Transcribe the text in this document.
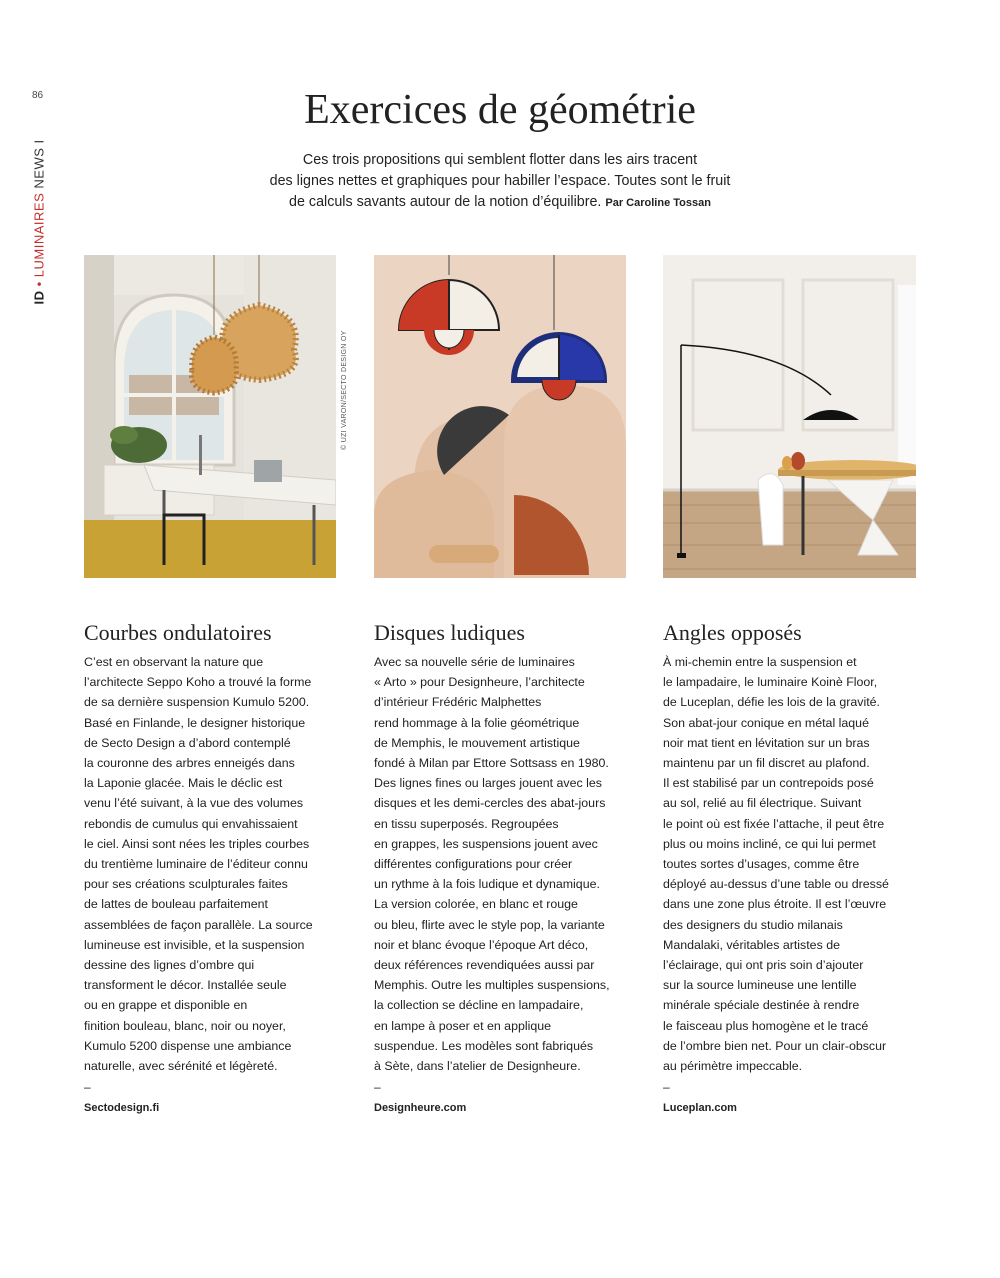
86
ID • LUMINAIRES NEWS I
Exercices de géométrie
Ces trois propositions qui semblent flotter dans les airs tracent
des lignes nettes et graphiques pour habiller l’espace. Toutes sont le fruit
de calculs savants autour de la notion d’équilibre. Par Caroline Tossan
© UZI VARON/SECTO DESIGN OY
Courbes ondulatoires

C’est en observant la nature que
l’architecte Seppo Koho a trouvé la forme
de sa dernière suspension Kumulo 5200.
Basé en Finlande, le designer historique
de Secto Design a d’abord contemplé
la couronne des arbres enneigés dans
la Laponie glacée. Mais le déclic est
venu l’été suivant, à la vue des volumes
rebondis de cumulus qui envahissaient
le ciel. Ainsi sont nées les triples courbes
du trentième luminaire de l’éditeur connu
pour ses créations sculpturales faites
de lattes de bouleau parfaitement
assemblées de façon parallèle. La source
lumineuse est invisible, et la suspension
dessine des lignes d’ombre qui
transforment le décor. Installée seule
ou en grappe et disponible en
finition bouleau, blanc, noir ou noyer,
Kumulo 5200 dispense une ambiance
naturelle, avec sérénité et légèreté.

–
Sectodesign.fi
Disques ludiques

Avec sa nouvelle série de luminaires
« Arto » pour Designheure, l’architecte
d’intérieur Frédéric Malphettes
rend hommage à la folie géométrique
de Memphis, le mouvement artistique
fondé à Milan par Ettore Sottsass en 1980.
Des lignes fines ou larges jouent avec les
disques et les demi-cercles des abat-jours
en tissu superposés. Regroupées
en grappes, les suspensions jouent avec
différentes configurations pour créer
un rythme à la fois ludique et dynamique.
La version colorée, en blanc et rouge
ou bleu, flirte avec le style pop, la variante
noir et blanc évoque l’époque Art déco,
deux références revendiquées aussi par
Memphis. Outre les multiples suspensions,
la collection se décline en lampadaire,
en lampe à poser et en applique
suspendue. Les modèles sont fabriqués
à Sète, dans l’atelier de Designheure.

–
Designheure.com
Angles opposés

À mi-chemin entre la suspension et
le lampadaire, le luminaire Koinè Floor,
de Luceplan, défie les lois de la gravité.
Son abat-jour conique en métal laqué
noir mat tient en lévitation sur un bras
maintenu par un fil discret au plafond.
Il est stabilisé par un contrepoids posé
au sol, relié au fil électrique. Suivant
le point où est fixée l’attache, il peut être
plus ou moins incliné, ce qui lui permet
toutes sortes d’usages, comme être
déployé au-dessus d’une table ou dressé
dans une zone plus étroite. Il est l’œuvre
des designers du studio milanais
Mandalaki, véritables artistes de
l’éclairage, qui ont pris soin d’ajouter
sur la source lumineuse une lentille
minérale spéciale destinée à rendre
le faisceau plus homogène et le tracé
de l’ombre bien net. Pour un clair-obscur
au périmètre impeccable.

–
Luceplan.com
